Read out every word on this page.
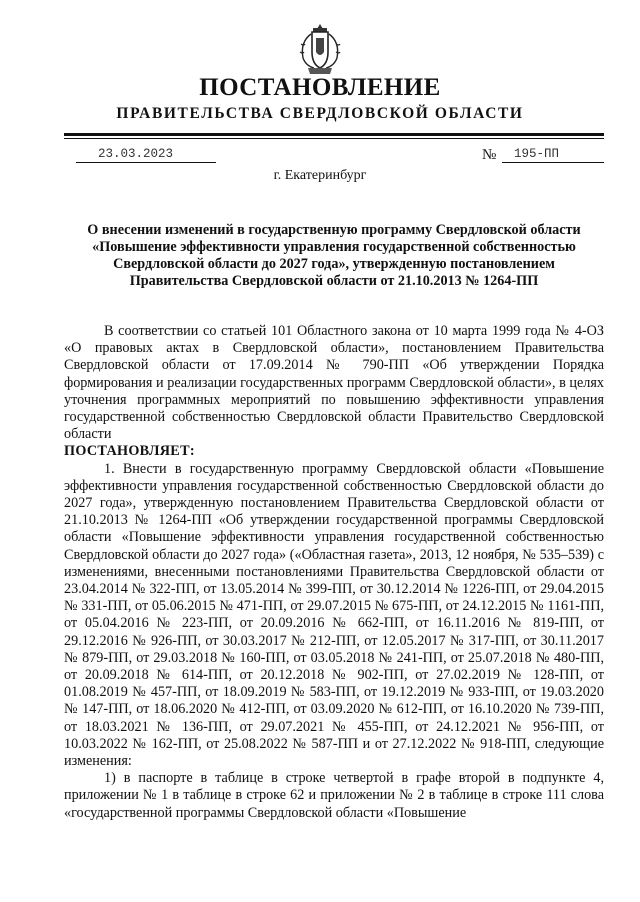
ПОСТАНОВЛЕНИЕ
ПРАВИТЕЛЬСТВА СВЕРДЛОВСКОЙ ОБЛАСТИ
23.03.2023	№	195-ПП
г. Екатеринбург
О внесении изменений в государственную программу Свердловской области
«Повышение эффективности управления государственной собственностью
Свердловской области до 2027 года», утвержденную постановлением
Правительства Свердловской области от 21.10.2013 № 1264-ПП

В соответствии со статьей 101 Областного закона от 10 марта 1999 года № 4-ОЗ «О правовых актах в Свердловской области», постановлением Правительства Свердловской области от 17.09.2014 № 790-ПП «Об утверждении Порядка формирования и реализации государственных программ Свердловской области», в целях уточнения программных мероприятий по повышению эффективности управления государственной собственностью Свердловской области Правительство Свердловской области

ПОСТАНОВЛЯЕТ:

1. Внести в государственную программу Свердловской области «Повышение эффективности управления государственной собственностью Свердловской области до 2027 года», утвержденную постановлением Правительства Свердловской области от 21.10.2013 № 1264-ПП «Об утверждении государственной программы Свердловской области «Повышение эффективности управления государственной собственностью Свердловской области до 2027 года» («Областная газета», 2013, 12 ноября, № 535–539) с изменениями, внесенными постановлениями Правительства Свердловской области от 23.04.2014 № 322-ПП, от 13.05.2014 № 399-ПП, от 30.12.2014 № 1226-ПП, от 29.04.2015 № 331-ПП, от 05.06.2015 № 471-ПП, от 29.07.2015 № 675-ПП, от 24.12.2015 № 1161-ПП, от 05.04.2016 № 223-ПП, от 20.09.2016 № 662-ПП, от 16.11.2016 № 819-ПП, от 29.12.2016 № 926-ПП, от 30.03.2017 № 212-ПП, от 12.05.2017 № 317-ПП, от 30.11.2017 № 879-ПП, от 29.03.2018 № 160-ПП, от 03.05.2018 № 241-ПП, от 25.07.2018 № 480-ПП, от 20.09.2018 № 614-ПП, от 20.12.2018 № 902-ПП, от 27.02.2019 № 128-ПП, от 01.08.2019 № 457-ПП, от 18.09.2019 № 583-ПП, от 19.12.2019 № 933-ПП, от 19.03.2020 № 147-ПП, от 18.06.2020 № 412-ПП, от 03.09.2020 № 612-ПП, от 16.10.2020 № 739-ПП, от 18.03.2021 № 136-ПП, от 29.07.2021 № 455-ПП, от 24.12.2021 № 956-ПП, от 10.03.2022 № 162-ПП, от 25.08.2022 № 587-ПП и от 27.12.2022 № 918-ПП, следующие изменения:

1) в паспорте в таблице в строке четвертой в графе второй в подпункте 4, приложении № 1 в таблице в строке 62 и приложении № 2 в таблице в строке 111 слова «государственной программы Свердловской области «Повышение
